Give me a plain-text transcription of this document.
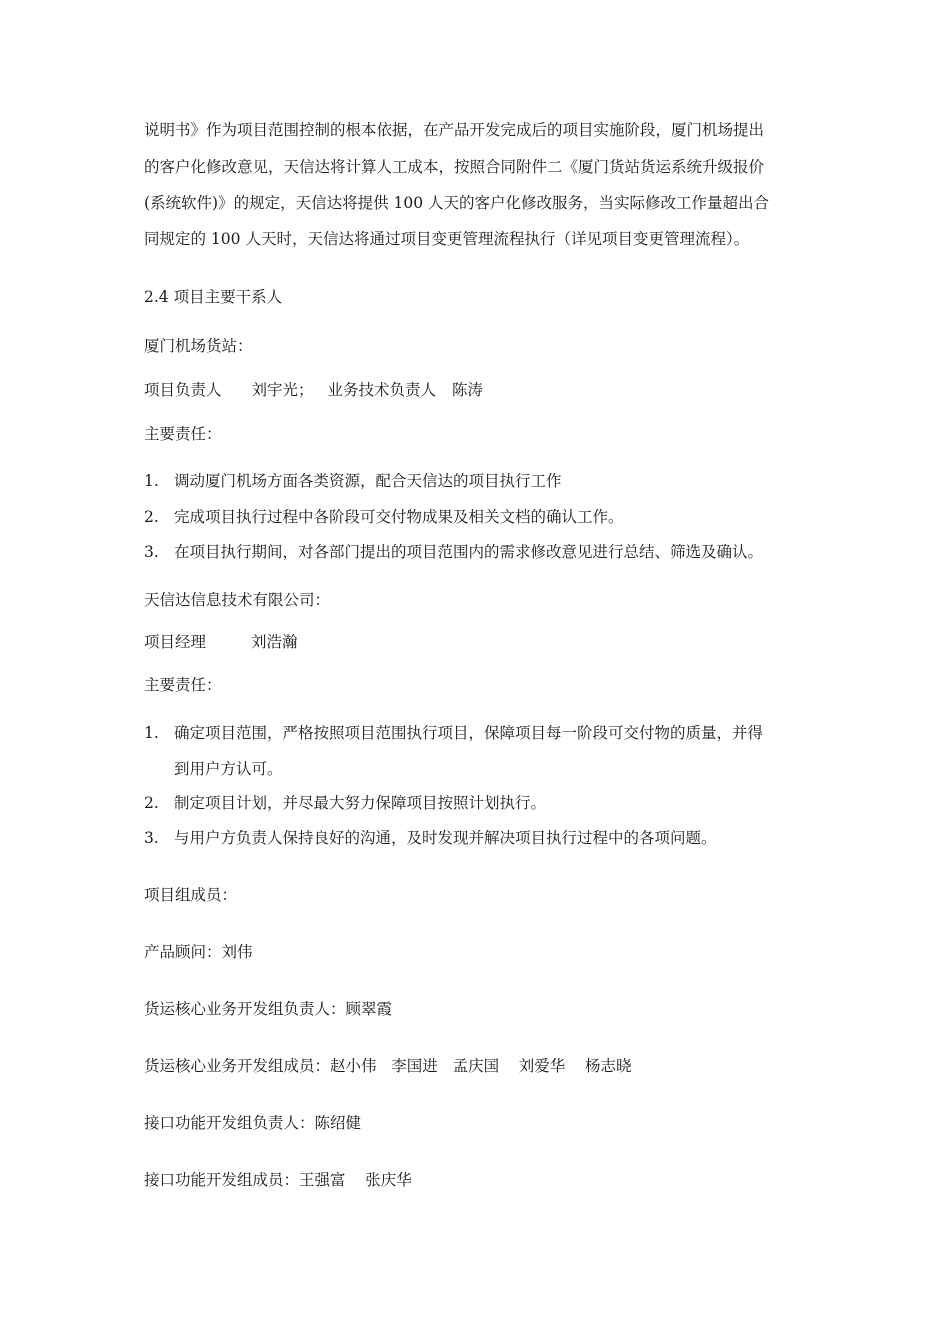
说明书》作为项目范围控制的根本依据，在产品开发完成后的项目实施阶段，厦门机场提出
的客户化修改意见，天信达将计算人工成本，按照合同附件二《厦门货站货运系统升级报价
(系统软件)》的规定，天信达将提供 100 人天的客户化修改服务，当实际修改工作量超出合
同规定的 100 人天时，天信达将通过项目变更管理流程执行（详见项目变更管理流程）。
2.4 项目主要干系人
厦门机场货站：
项目负责人 刘宇光； 业务技术负责人 陈涛
主要责任：
1. 调动厦门机场方面各类资源，配合天信达的项目执行工作
2. 完成项目执行过程中各阶段可交付物成果及相关文档的确认工作。
3. 在项目执行期间，对各部门提出的项目范围内的需求修改意见进行总结、筛选及确认。
天信达信息技术有限公司：
项目经理	刘浩瀚
主要责任：
1. 确定项目范围，严格按照项目范围执行项目，保障项目每一阶段可交付物的质量，并得
到用户方认可。
2. 制定项目计划，并尽最大努力保障项目按照计划执行。
3. 与用户方负责人保持良好的沟通，及时发现并解决项目执行过程中的各项问题。
项目组成员：
产品顾问：刘伟
货运核心业务开发组负责人：顾翠霞
货运核心业务开发组成员：赵小伟   李国进   孟庆国    刘爱华    杨志晓
接口功能开发组负责人：陈绍健
接口功能开发组成员：王强富    张庆华
